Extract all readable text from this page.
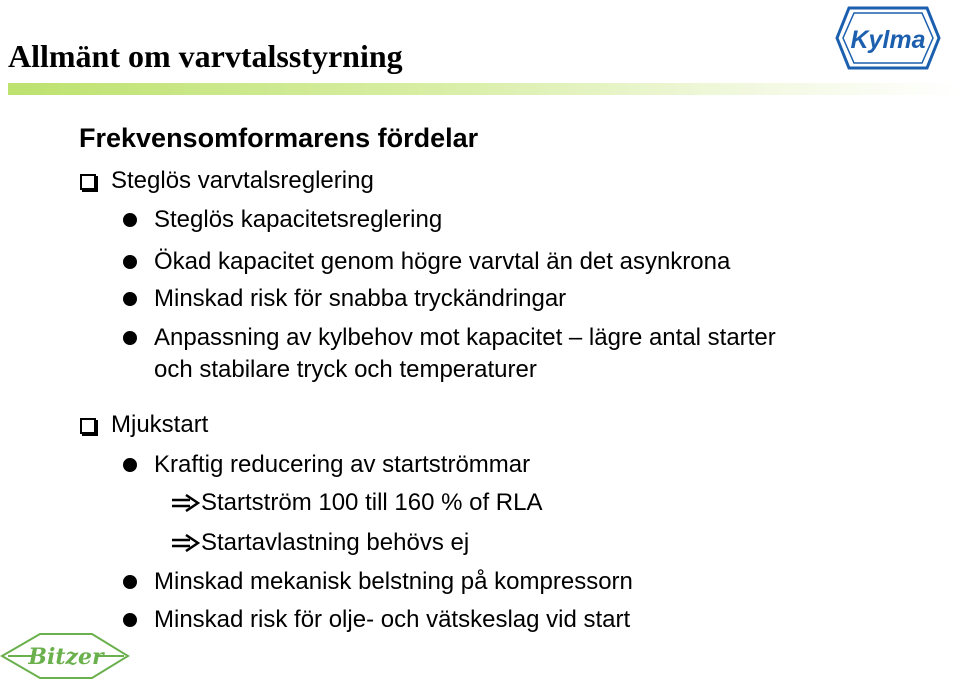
Allmänt om varvtalsstyrning	Kylma
Frekvensomformarens fördelar
Steglös varvtalsreglering
Steglös kapacitetsreglering
Ökad kapacitet genom högre varvtal än det asynkrona
Minskad risk för snabba tryckändringar
Anpassning av kylbehov mot kapacitet – lägre antal starter
och stabilare tryck och temperaturer
Mjukstart
Kraftig reducering av startströmmar
Startström 100 till 160 % of RLA
Startavlastning behövs ej
Minskad mekanisk belstning på kompressorn
Minskad risk för olje- och vätskeslag vid start
Bitzer
